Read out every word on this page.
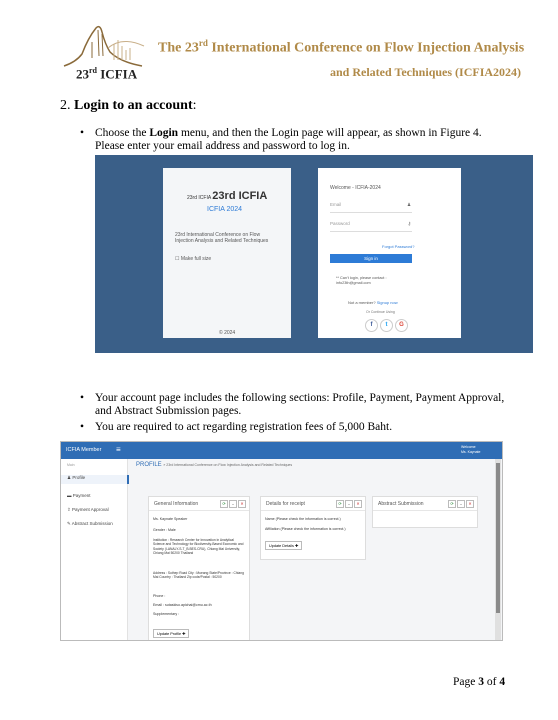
23rd ICFIA
The 23rd International Conference on Flow Injection Analysis
and Related Techniques (ICFIA2024)
2. Login to an account:
• Choose the Login menu, and then the Login page will appear, as shown in Figure 4.
Please enter your email address and password to log in.
23rd ICFIA 23rd ICFIA
ICFIA 2024
23rd International Conference on Flow
Injection Analysis and Related Techniques
☐ Make full size
© 2024
Welcome - ICFIA-2024
Email	♟
Password	⚷
Forgot Password?
Sign in
** Can't login, please contact :
info23th@gmail.com
Not a member? Signup now
Or Continue Using
f	t	G
• Your account page includes the following sections: Profile, Payment, Payment Approval,
and Abstract Submission pages.
• You are required to act regarding registration fees of 5,000 Baht.
ICFIA Member ≡	Welcome
Ms. Kaynate
Main
♟ Profile
▬ Payment
⇪ Payment Approval
✎ Abstract Submission
PROFILE » 23rd International Conference on Flow Injection Analysis and Related Techniques
General Information	⟳	–	✕
Ms. Kaynate Speaker
Gender : Male
Institution : Research Center for Innovation in Analytical Science and Technology for Biodiversity-Based Economic and Society (I-ANALY-S-T_B.BES-CRU), Chiang Mai University, Chiang Mai 50200 Thailand
Address : Suthep Road City : Mueang State/Province : Chiang Mai Country : Thailand Zip code/Postal : 50200
Phone :
Email : sutaskiso.apichai@cmu.ac.th
Supplementary :
Update Profile ✚
Details for receipt	⟳	–	✕
Name (Please check the information is correct.)
Affiliation (Please check the information is correct.)
Update Details ✚
Abstract Submission	⟳	–	✕
Page 3 of 4
